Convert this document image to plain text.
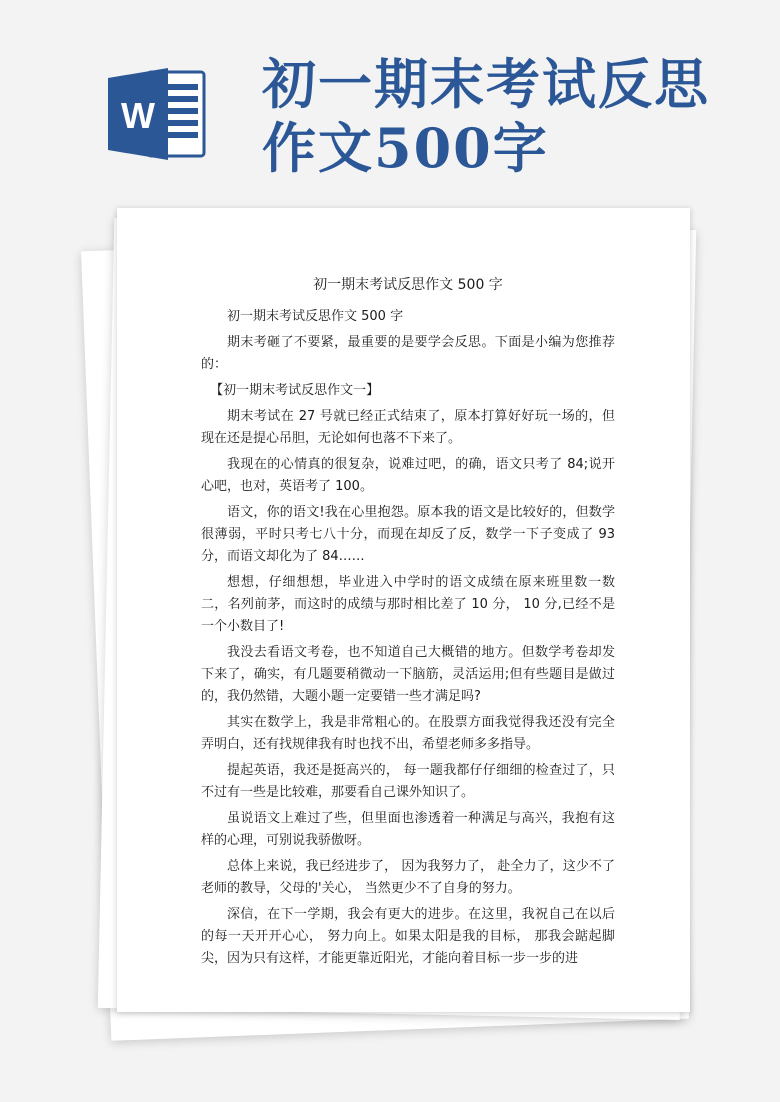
W 初一期末考试反思
作文500字
初一期末考试反思作文 500 字

初一期末考试反思作文 500 字

期末考砸了不要紧，最重要的是要学会反思。下面是小编为您推荐的：

【初一期末考试反思作文一】

期末考试在 27 号就已经正式结束了，原本打算好好玩一场的，但现在还是提心吊胆，无论如何也落不下来了。

我现在的心情真的很复杂，说难过吧，的确，语文只考了 84;说开心吧，也对，英语考了 100。

语文，你的语文!我在心里抱怨。原本我的语文是比较好的，但数学很薄弱，平时只考七八十分，而现在却反了反，数学一下子变成了 93 分，而语文却化为了 84……

想想，仔细想想，毕业进入中学时的语文成绩在原来班里数一数二，名列前茅，而这时的成绩与那时相比差了 10 分， 10 分,已经不是一个小数目了!

我没去看语文考卷，也不知道自己大概错的地方。但数学考卷却发下来了，确实，有几题要稍微动一下脑筋，灵活运用;但有些题目是做过的，我仍然错，大题小题一定要错一些才满足吗?

其实在数学上，我是非常粗心的。在股票方面我觉得我还没有完全弄明白，还有找规律我有时也找不出，希望老师多多指导。

提起英语，我还是挺高兴的， 每一题我都仔仔细细的检查过了，只不过有一些是比较难，那要看自己课外知识了。

虽说语文上难过了些，但里面也渗透着一种满足与高兴，我抱有这样的心理，可别说我骄傲呀。

总体上来说，我已经进步了， 因为我努力了， 赴全力了，这少不了老师的教导，父母的'关心， 当然更少不了自身的努力。

深信，在下一学期，我会有更大的进步。在这里，我祝自己在以后的每一天开开心心， 努力向上。如果太阳是我的目标， 那我会踮起脚尖，因为只有这样，才能更靠近阳光，才能向着目标一步一步的进
